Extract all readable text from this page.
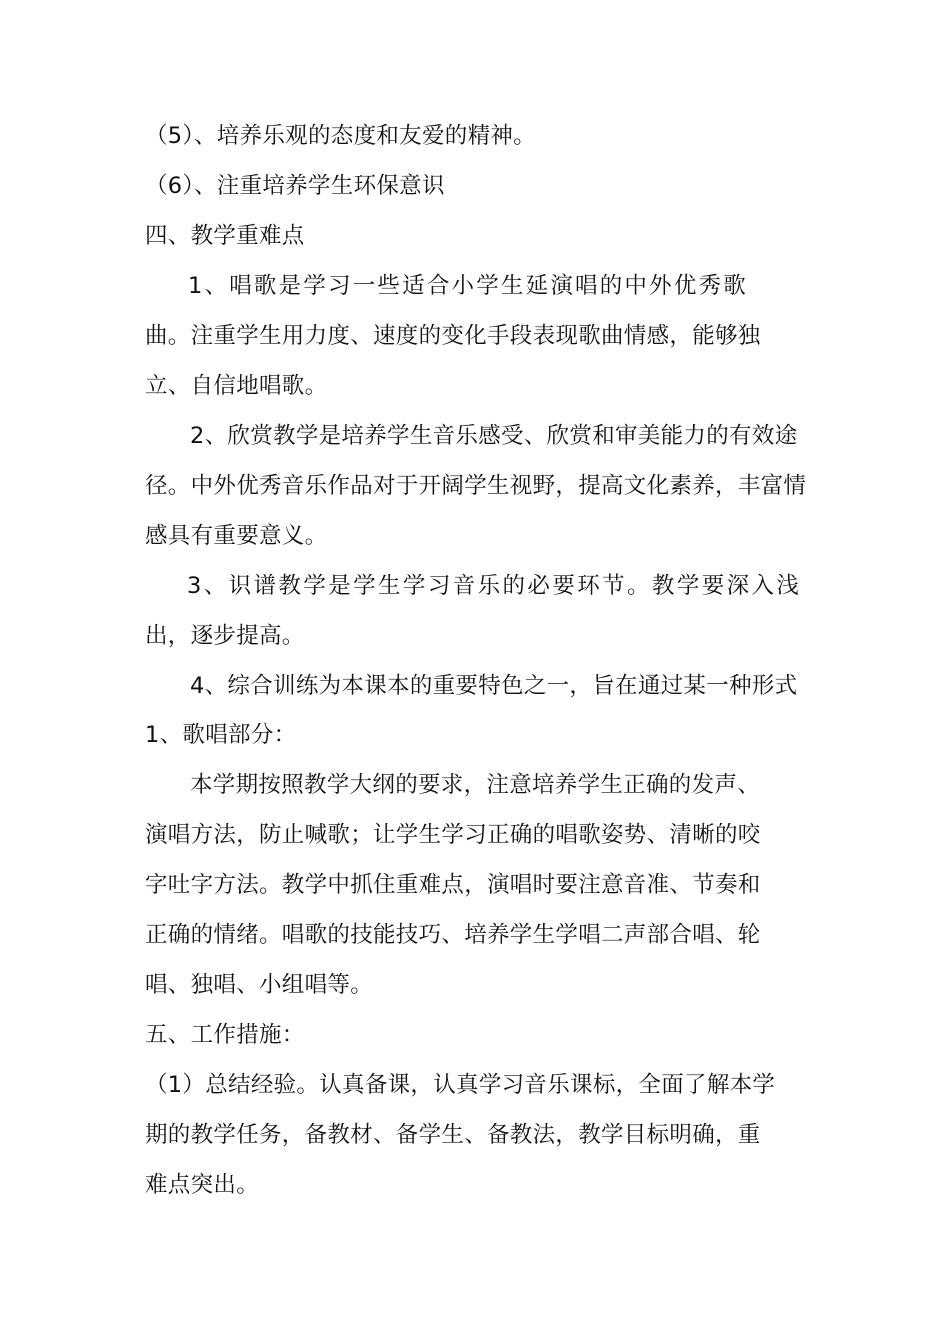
（5）、培养乐观的态度和友爱的精神。
（6）、注重培养学生环保意识
四、教学重难点
1、唱歌是学习一些适合小学生延演唱的中外优秀歌
曲。注重学生用力度、速度的变化手段表现歌曲情感，能够独
立、自信地唱歌。
2、欣赏教学是培养学生音乐感受、欣赏和审美能力的有效途
径。中外优秀音乐作品对于开阔学生视野，提高文化素养，丰富情
感具有重要意义。
3、识谱教学是学生学习音乐的必要环节。教学要深入浅
出，逐步提高。
4、综合训练为本课本的重要特色之一，旨在通过某一种形式
1、歌唱部分：
本学期按照教学大纲的要求，注意培养学生正确的发声、
演唱方法，防止喊歌；让学生学习正确的唱歌姿势、清晰的咬
字吐字方法。教学中抓住重难点，演唱时要注意音准、节奏和
正确的情绪。唱歌的技能技巧、培养学生学唱二声部合唱、轮
唱、独唱、小组唱等。
五、工作措施：
（1）总结经验。认真备课，认真学习音乐课标，全面了解本学
期的教学任务，备教材、备学生、备教法，教学目标明确，重
难点突出。
